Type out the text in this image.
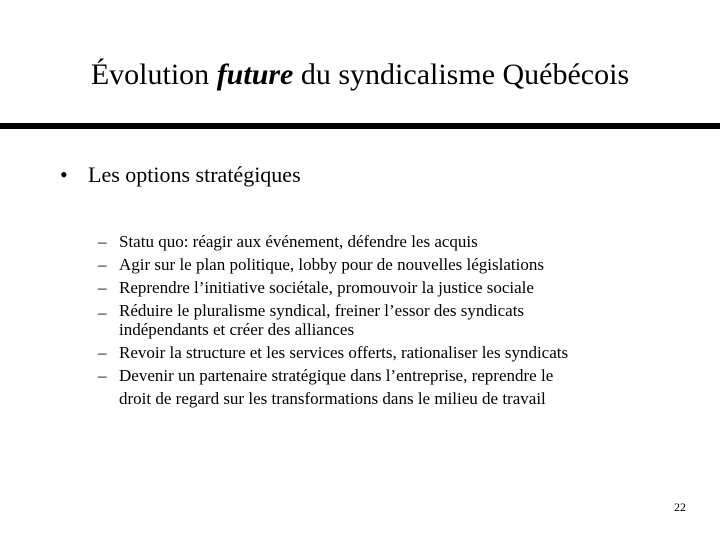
Évolution future du syndicalisme Québécois
• Les options stratégiques
– Statu quo: réagir aux événement, défendre les acquis
– Agir sur le plan politique, lobby pour de nouvelles législations
– Reprendre l’initiative sociétale, promouvoir la justice sociale
– Réduire le pluralisme syndical, freiner l’essor des syndicats
indépendants et créer des alliances
– Revoir la structure et les services offerts, rationaliser les syndicats
– Devenir un partenaire stratégique dans l’entreprise, reprendre le
droit de regard sur les transformations dans le milieu de travail
22
